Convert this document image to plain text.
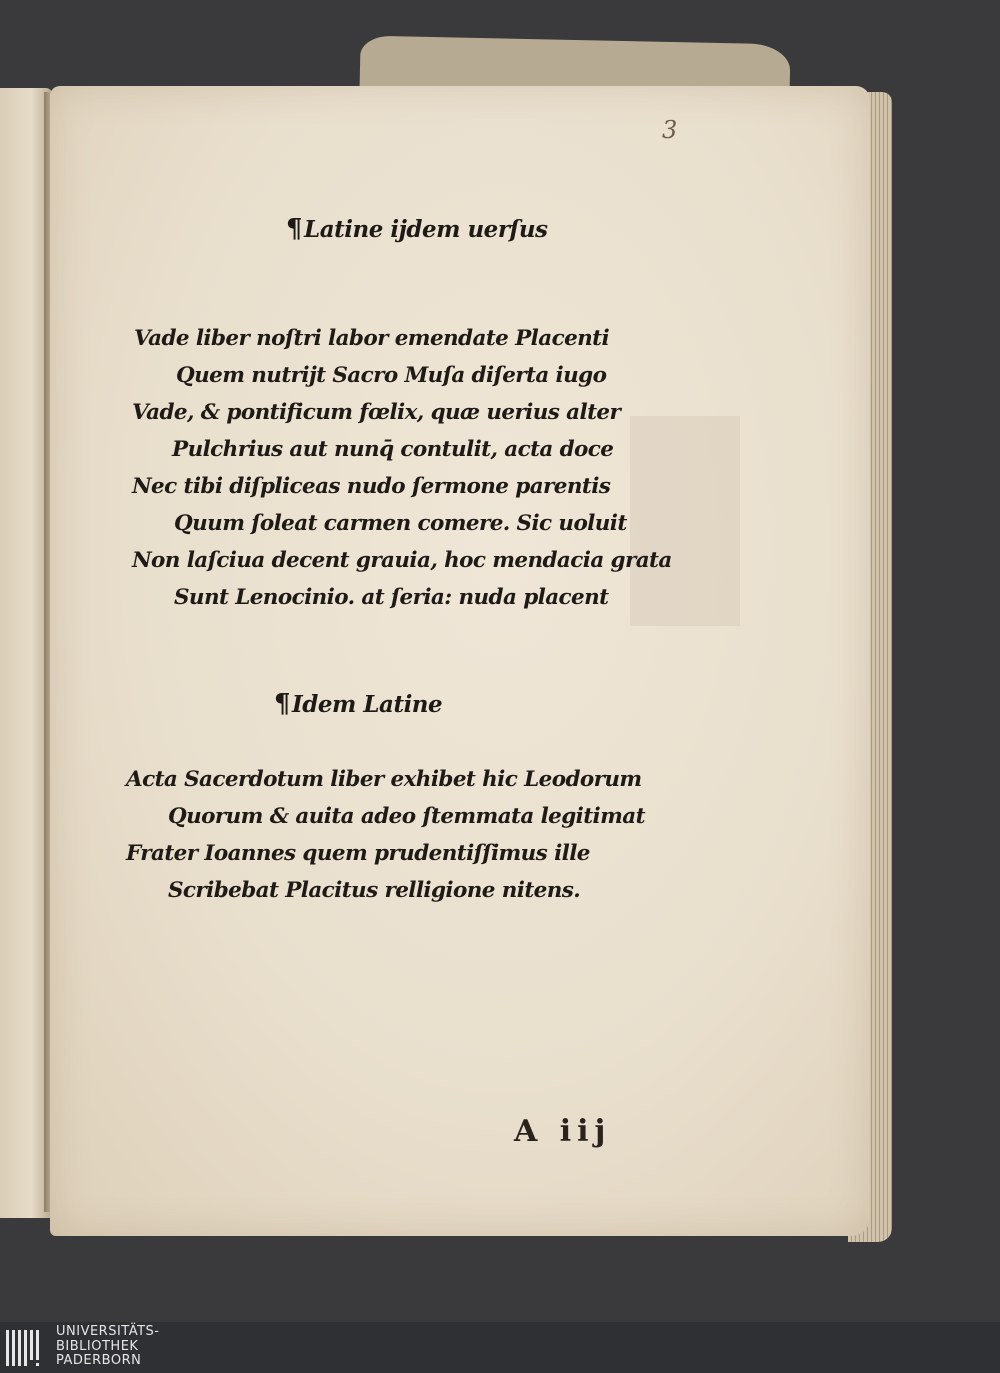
3

¶Latine ijdem uerſus

Vade liber noſtri labor emendate Placenti
Quem nutrijt Sacro Muſa diſerta iugo
Vade, & pontificum fœlix, quæ uerius alter
Pulchrius aut nunq̄ contulit, acta doce
Nec tibi diſpliceas nudo ſermone parentis
Quum ſoleat carmen comere. Sic uoluit
Non laſciua decent grauia, hoc mendacia grata
Sunt Lenocinio. at ſeria: nuda placent

¶Idem Latine

Acta Sacerdotum liber exhibet hic Leodorum
Quorum & auita adeo ſtemmata legitimat
Frater Ioannes quem prudentiſſimus ille
Scribebat Placitus relligione nitens.
A iij
UNIVERSITÄTS-
BIBLIOTHEK
PADERBORN
